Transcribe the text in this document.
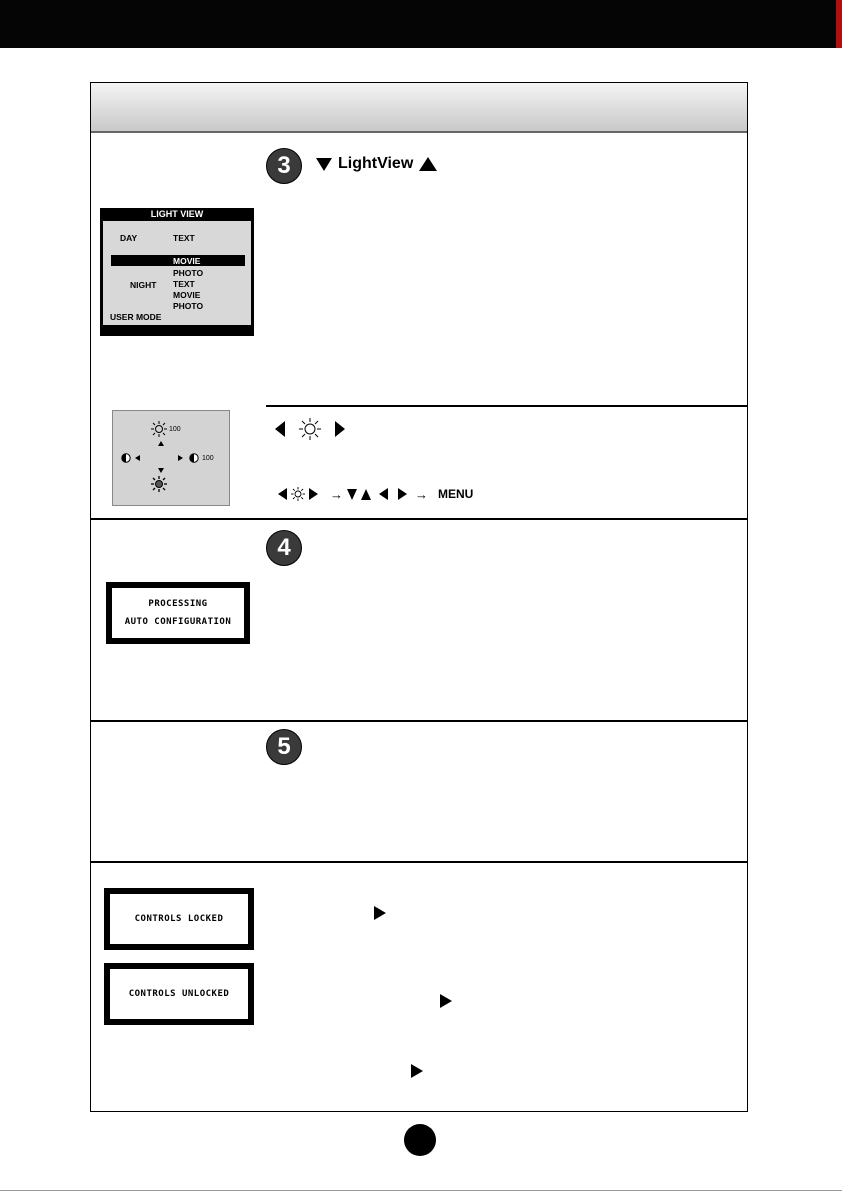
3	LightView
LIGHT VIEW
DAY	TEXT
MOVIE
PHOTO
NIGHT TEXT
MOVIE
PHOTO
USER MODE
100
100
→	→ MENU
4
PROCESSING
AUTO CONFIGURATION
5
CONTROLS LOCKED
CONTROLS UNLOCKED
